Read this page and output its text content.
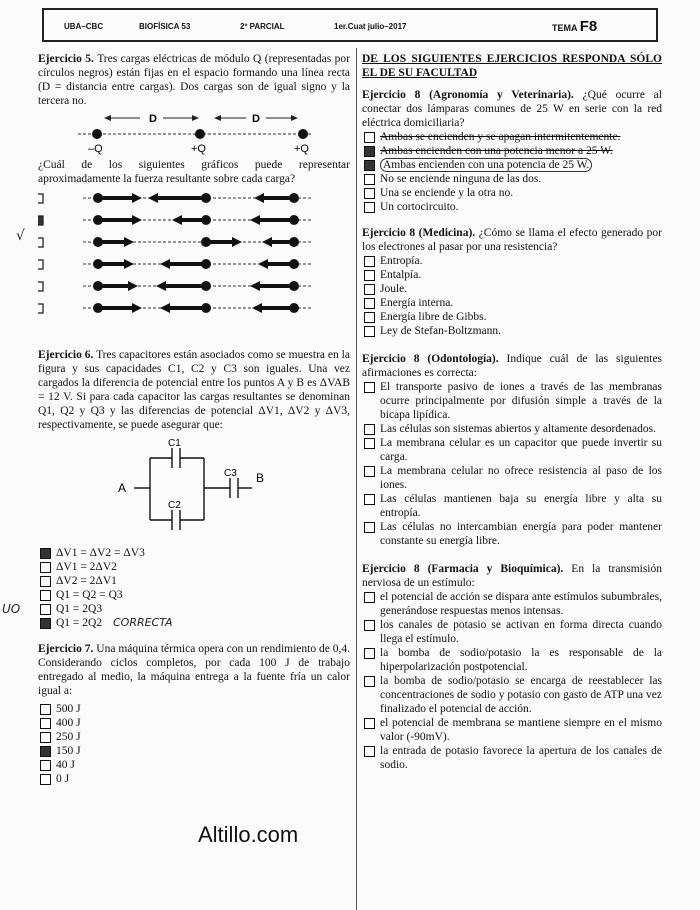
UBA–CBC	BIOFÍSICA 53	2º PARCIAL	1er.Cuat julio–2017	TEMA F8

Ejercicio 5. Tres cargas eléctricas de módulo Q (representadas por círculos negros) están fijas en el espacio formando una línea recta (D = distancia entre cargas). Dos cargas son de igual signo y la tercera no.

D	D
–Q	+Q	+Q

¿Cuál de los siguientes gráficos puede representar aproximadamente la fuerza resultante sobre cada carga?

√

Ejercicio 6. Tres capacitores están asociados como se muestra en la figura y sus capacidades C1, C2 y C3 son iguales. Una vez cargados la diferencia de potencial entre los puntos A y B es ΔVAB = 12 V. Si para cada capacitor las cargas resultantes se denominan Q1, Q2 y Q3 y las diferencias de potencial ΔV1, ΔV2 y ΔV3, respectivamente, se puede asegurar que:

A
B
C1
C2
C3
ΔV1 = ΔV2 = ΔV3
ΔV1 = 2ΔV2
ΔV2 = 2ΔV1
Q1 = Q2 = Q3
Q1 = 2Q3
Q1 = 2Q2 CORRECTA
UO

Ejercicio 7. Una máquina térmica opera con un rendimiento de 0,4. Considerando ciclos completos, por cada 100 J de trabajo entregado al medio, la máquina entrega a la fuente fría un calor igual a:

500 J
400 J
250 J
150 J
40 J
0 J

DE LOS SIGUIENTES EJERCICIOS RESPONDA SÓLO EL DE SU FACULTAD

Ejercicio 8 (Agronomía y Veterinaria). ¿Qué ocurre al conectar dos lámparas comunes de 25 W en serie con la red eléctrica domiciliaria?

Ambas se encienden y se apagan intermitentemente.
Ambas encienden con una potencia menor a 25 W.
Ambas encienden con una potencia de 25 W.
No se enciende ninguna de las dos.
Una se enciende y la otra no.
Un cortocircuito.

Ejercicio 8 (Medicina). ¿Cómo se llama el efecto generado por los electrones al pasar por una resistencia?

Entropía.
Entalpía.
Joule.
Energía interna.
Energía libre de Gibbs.
Ley de Stefan-Boltzmann.

Ejercicio 8 (Odontología). Indique cuál de las siguientes afirmaciones es correcta:

El transporte pasivo de iones a través de las membranas ocurre principalmente por difusión simple a través de la bicapa lipídica.
Las células son sistemas abiertos y altamente desordenados.
La membrana celular es un capacitor que puede invertir su carga.
La membrana celular no ofrece resistencia al paso de los iones.
Las células mantienen baja su energía libre y alta su entropía.
Las células no intercambian energía para poder mantener constante su energía libre.

Ejercicio 8 (Farmacia y Bioquímica). En la transmisión nerviosa de un estímulo:

el potencial de acción se dispara ante estímulos subumbrales, generándose respuestas menos intensas.
los canales de potasio se activan en forma directa cuando llega el estímulo.
la bomba de sodio/potasio la es responsable de la hiperpolarización postpotencial.
la bomba de sodio/potasio se encarga de reestablecer las concentraciones de sodio y potasio con gasto de ATP una vez finalizado el potencial de acción.
el potencial de membrana se mantiene siempre en el mismo valor (-90mV).
la entrada de potasio favorece la apertura de los canales de sodio.
Altillo.com
